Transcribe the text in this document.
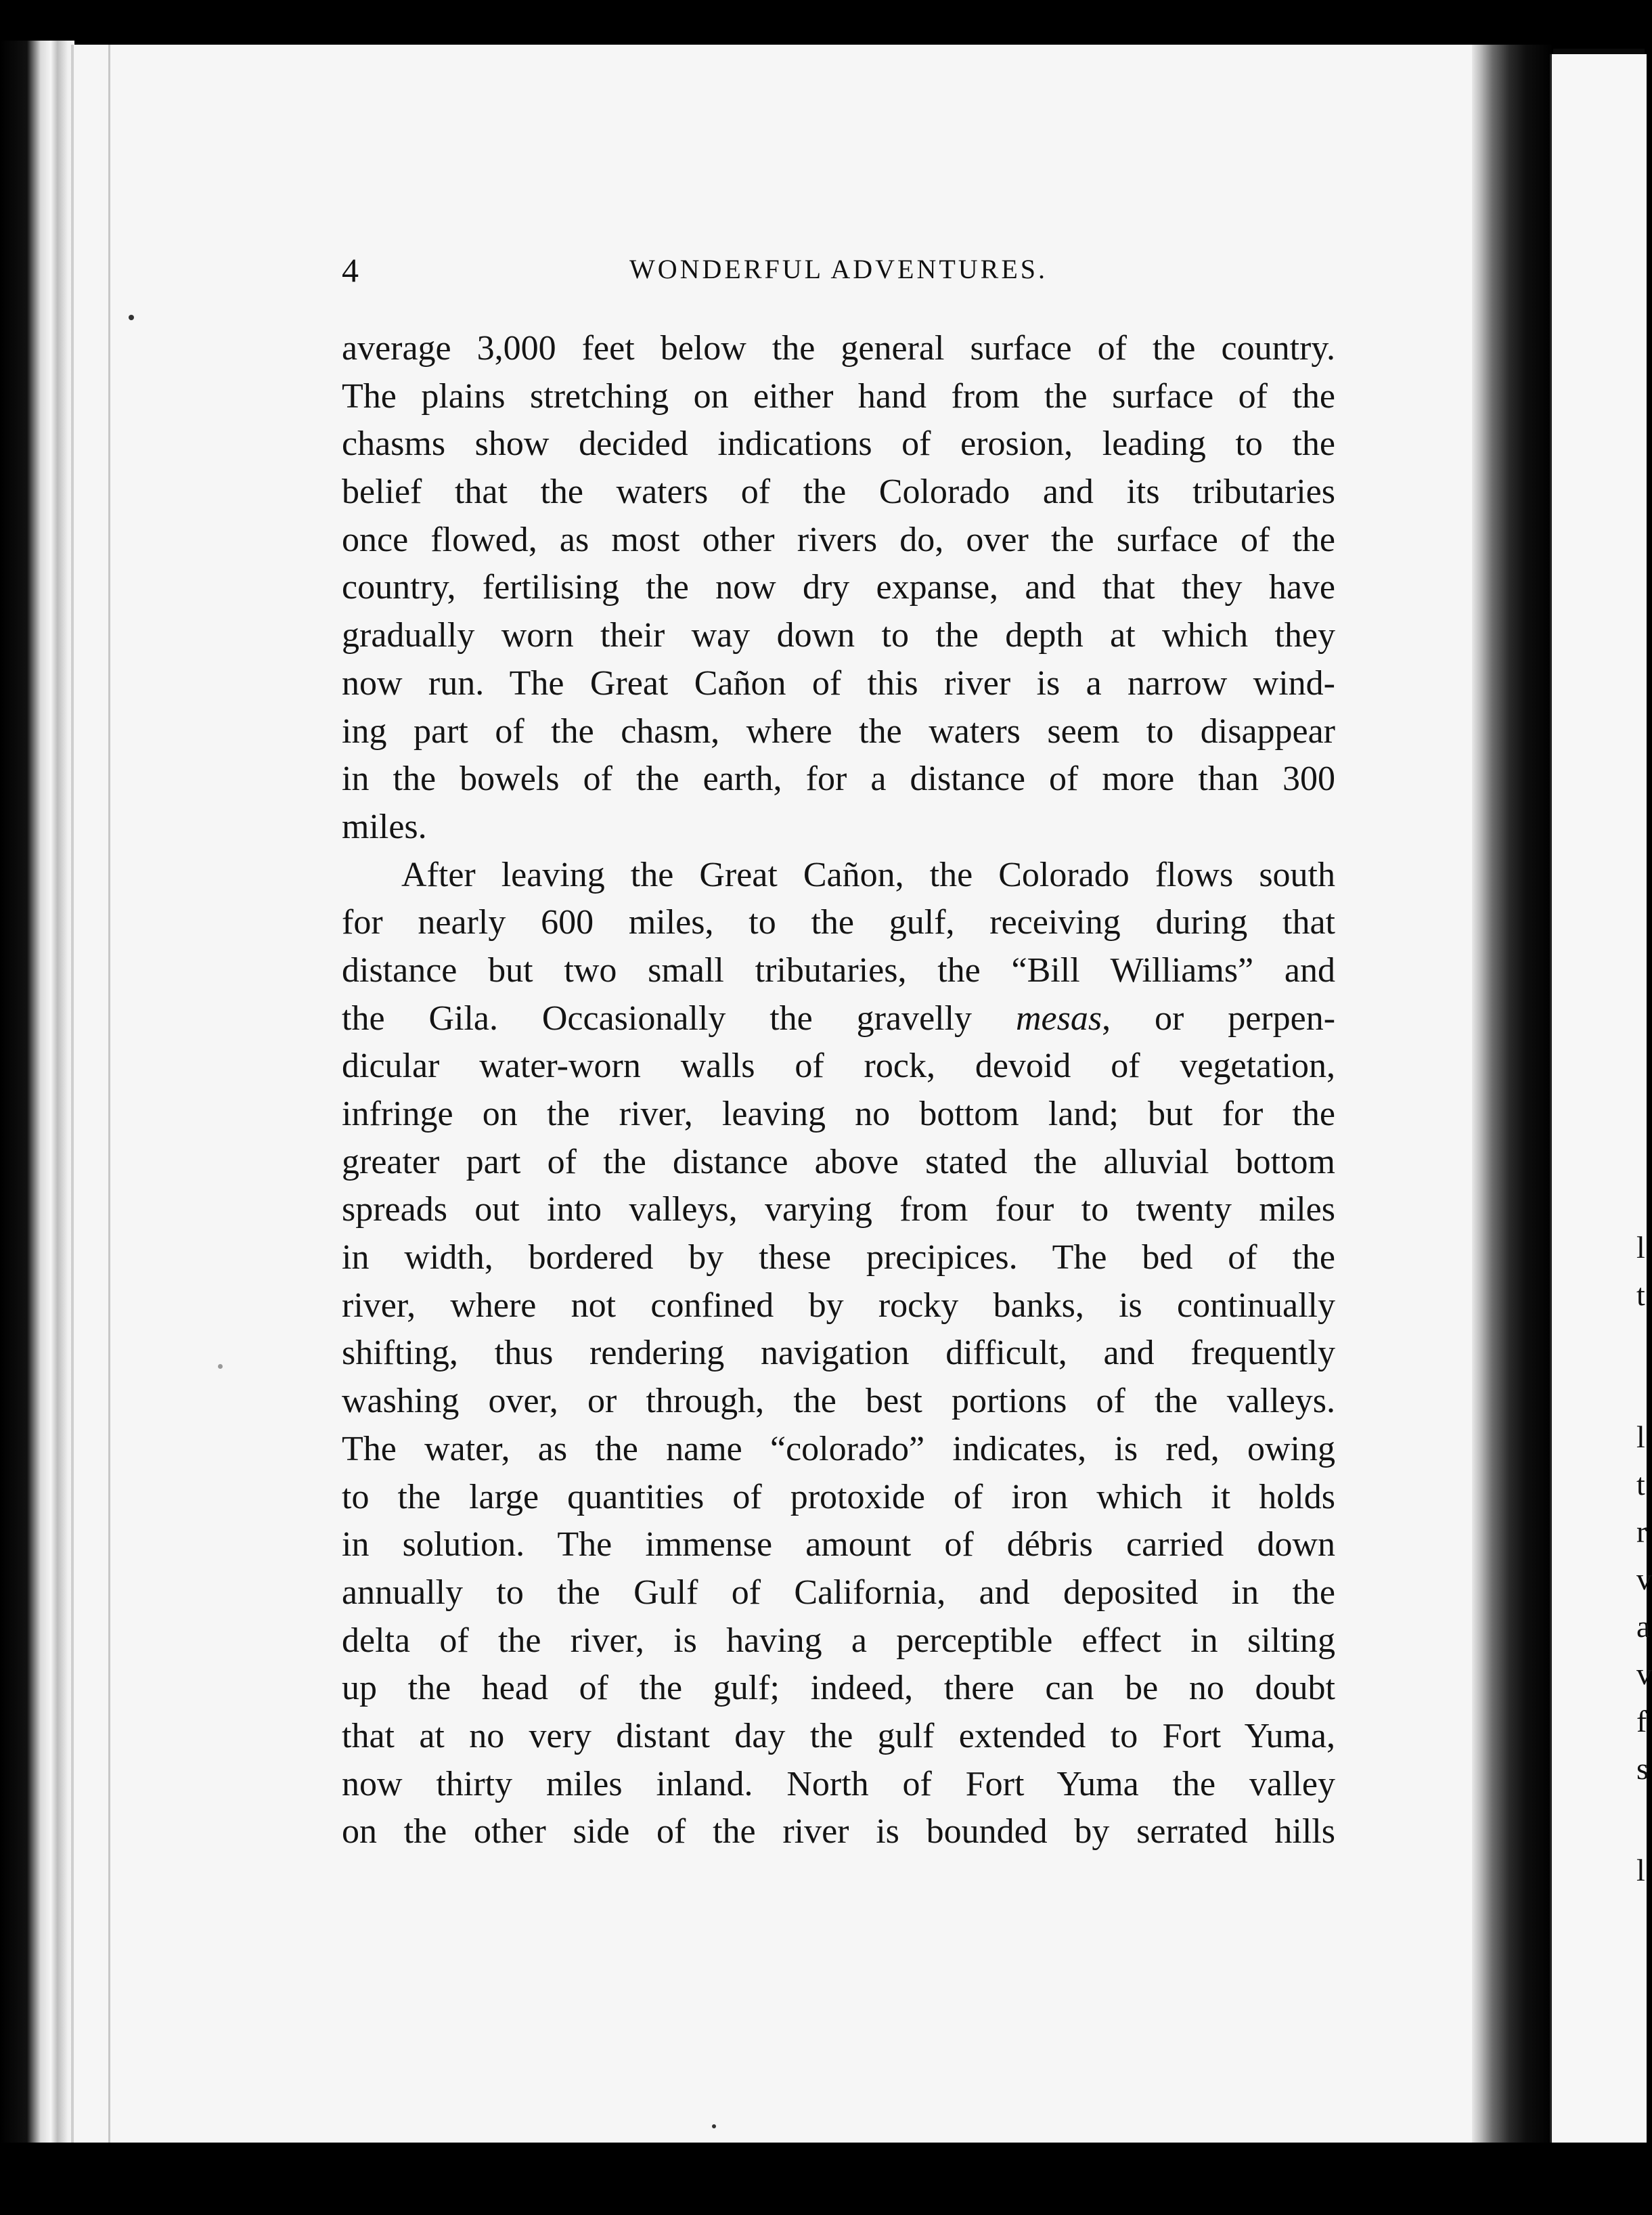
4	WONDERFUL ADVENTURES.
average 3,000 feet below the general surface of the country.
The plains stretching on either hand from the surface of the
chasms show decided indications of erosion, leading to the
belief that the waters of the Colorado and its tributaries
once flowed, as most other rivers do, over the surface of the
country, fertilising the now dry expanse, and that they have
gradually worn their way down to the depth at which they
now run. The Great Cañon of this river is a narrow wind-
ing part of the chasm, where the waters seem to disappear
in the bowels of the earth, for a distance of more than 300
miles.
After leaving the Great Cañon, the Colorado flows south
for nearly 600 miles, to the gulf, receiving during that
distance but two small tributaries, the “Bill Williams” and
the Gila. Occasionally the gravelly mesas, or perpen-
dicular water-worn walls of rock, devoid of vegetation,
infringe on the river, leaving no bottom land; but for the
greater part of the distance above stated the alluvial bottom
spreads out into valleys, varying from four to twenty miles
in width, bordered by these precipices. The bed of the
river, where not confined by rocky banks, is continually
shifting, thus rendering navigation difficult, and frequently
washing over, or through, the best portions of the valleys.
The water, as the name “colorado” indicates, is red, owing
to the large quantities of protoxide of iron which it holds
in solution. The immense amount of débris carried down
annually to the Gulf of California, and deposited in the
delta of the river, is having a perceptible effect in silting
up the head of the gulf; indeed, there can be no doubt
that at no very distant day the gulf extended to Fort Yuma,
now thirty miles inland. North of Fort Yuma the valley
on the other side of the river is bounded by serrated hills
l
t
l
t
r
v
a
v
f
s
l
